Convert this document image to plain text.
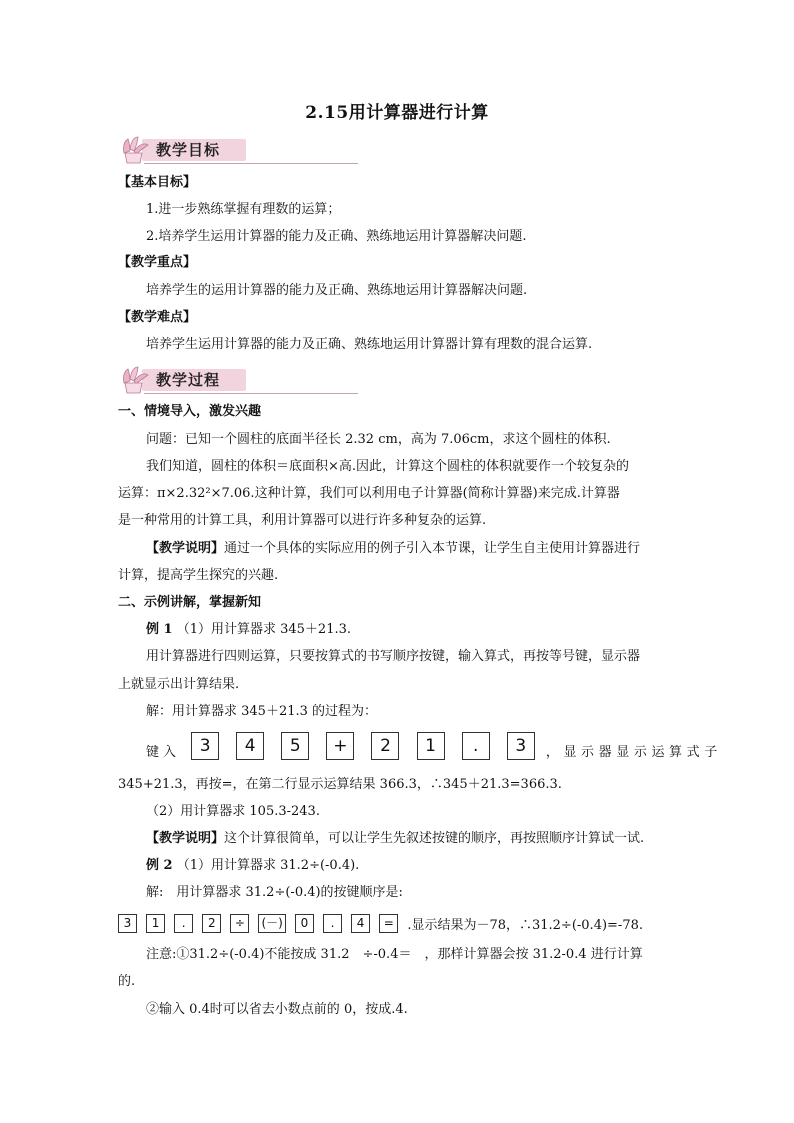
2.15用计算器进行计算
教学目标
【基本目标】
1.进一步熟练掌握有理数的运算；
2.培养学生运用计算器的能力及正确、熟练地运用计算器解决问题.
【教学重点】
培养学生的运用计算器的能力及正确、熟练地运用计算器解决问题.
【教学难点】
培养学生运用计算器的能力及正确、熟练地运用计算器计算有理数的混合运算.
教学过程
一、情境导入，激发兴趣
问题：已知一个圆柱的底面半径长 2.32 cm，高为 7.06cm，求这个圆柱的体积.
我们知道，圆柱的体积＝底面积×高.因此，计算这个圆柱的体积就要作一个较复杂的
运算：π×2.32²×7.06.这种计算，我们可以利用电子计算器(简称计算器)来完成.计算器
是一种常用的计算工具，利用计算器可以进行许多种复杂的运算.
【教学说明】通过一个具体的实际应用的例子引入本节课，让学生自主使用计算器进行
计算，提高学生探究的兴趣.
二、示例讲解，掌握新知
例 1 （1）用计算器求 345＋21.3.
用计算器进行四则运算，只要按算式的书写顺序按键，输入算式，再按等号键，显示器
上就显示出计算结果.
解：用计算器求 345＋21.3 的过程为：
键入 3 4 5 + 2 1 . 3 ，显示器显示运算式子
345+21.3，再按=，在第二行显示运算结果 366.3，∴345＋21.3=366.3.
（2）用计算器求 105.3-243.
【教学说明】这个计算很简单，可以让学生先叙述按键的顺序，再按照顺序计算试一试.
例 2 （1）用计算器求 31.2÷(-0.4).
解:　用计算器求 31.2÷(-0.4)的按键顺序是:
3 1 . 2 ÷ (－) 0 . 4 = .显示结果为－78，∴31.2÷(-0.4)=-78.
注意:①31.2÷(-0.4)不能按成 31.2　÷-0.4＝　，那样计算器会按 31.2-0.4 进行计算
的.
②输入 0.4时可以省去小数点前的 0，按成.4.
